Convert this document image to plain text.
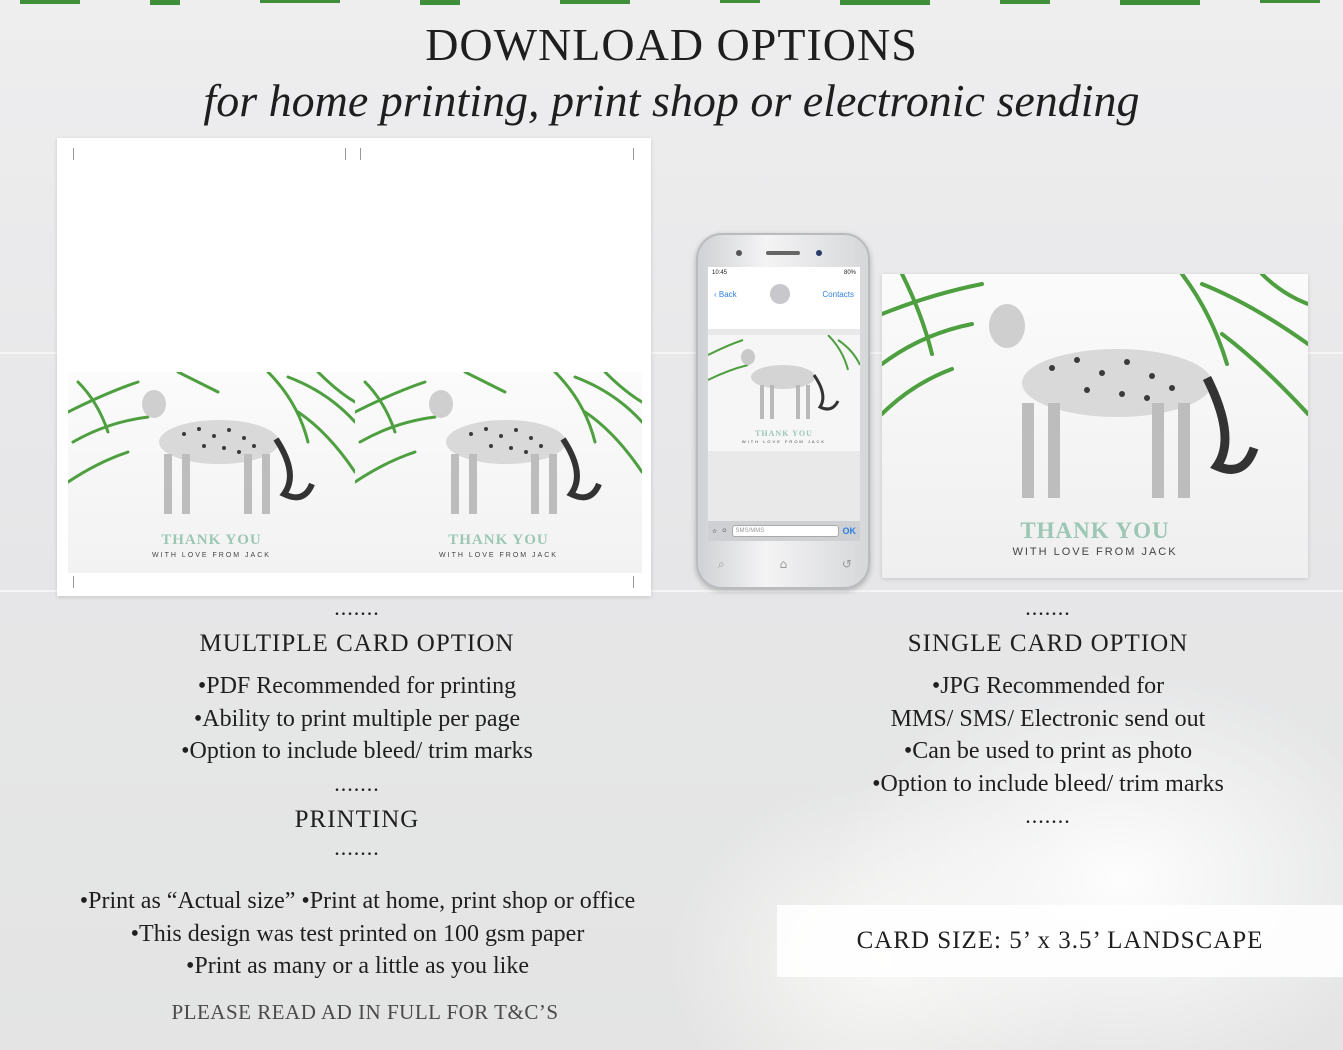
DOWNLOAD OPTIONS
for home printing, print shop or electronic sending
THANK YOU
WITH LOVE FROM JACK
THANK YOU
WITH LOVE FROM JACK
10:45	80%
‹ Back	Contacts
THANK YOU
WITH LOVE FROM JACK
☆ ☺	SMS/MMS	OK
⌕	⌂	↺
THANK YOU
WITH LOVE FROM JACK
.......
MULTIPLE CARD OPTION
•PDF Recommended for printing
•Ability to print multiple per page
•Option to include bleed/ trim marks
.......
PRINTING
.......
•Print as “Actual size” •Print at home, print shop or office
•This design was test printed on 100 gsm paper
•Print as many or a little as you like
.......
SINGLE CARD OPTION
•JPG Recommended for
MMS/ SMS/ Electronic send out
•Can be used to print as photo
•Option to include bleed/ trim marks
.......
CARD SIZE: 5’ x 3.5’ LANDSCAPE
PLEASE READ AD IN FULL FOR T&C’S
